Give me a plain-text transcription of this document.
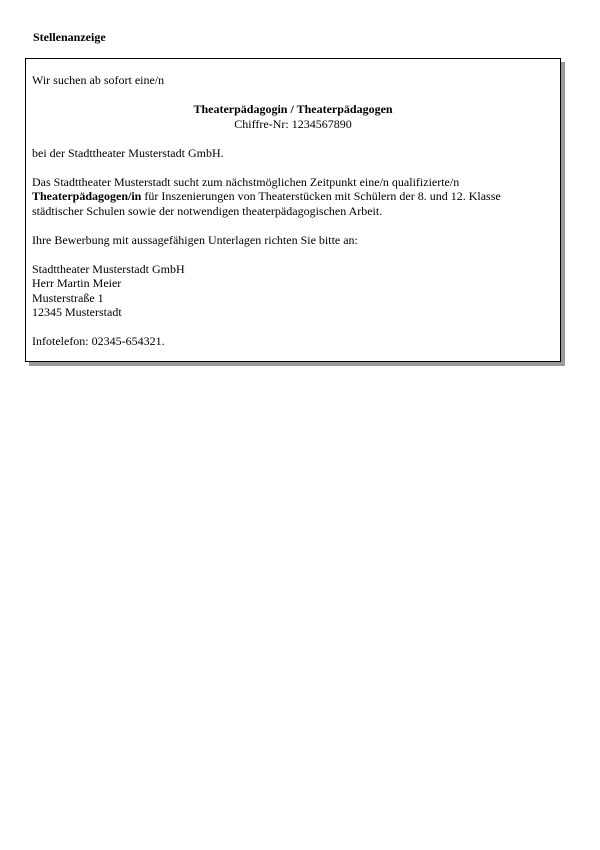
Stellenanzeige

Wir suchen ab sofort eine/n

Theaterpädagogin / Theaterpädagogen
Chiffre-Nr: 1234567890

bei der Stadttheater Musterstadt GmbH.

Das Stadttheater Musterstadt sucht zum nächstmöglichen Zeitpunkt eine/n qualifizierte/n
Theaterpädagogen/in für Inszenierungen von Theaterstücken mit Schülern der 8. und 12. Klasse
städtischer Schulen sowie der notwendigen theaterpädagogischen Arbeit.

Ihre Bewerbung mit aussagefähigen Unterlagen richten Sie bitte an:

Stadttheater Musterstadt GmbH
Herr Martin Meier
Musterstraße 1
12345 Musterstadt

Infotelefon: 02345-654321.
